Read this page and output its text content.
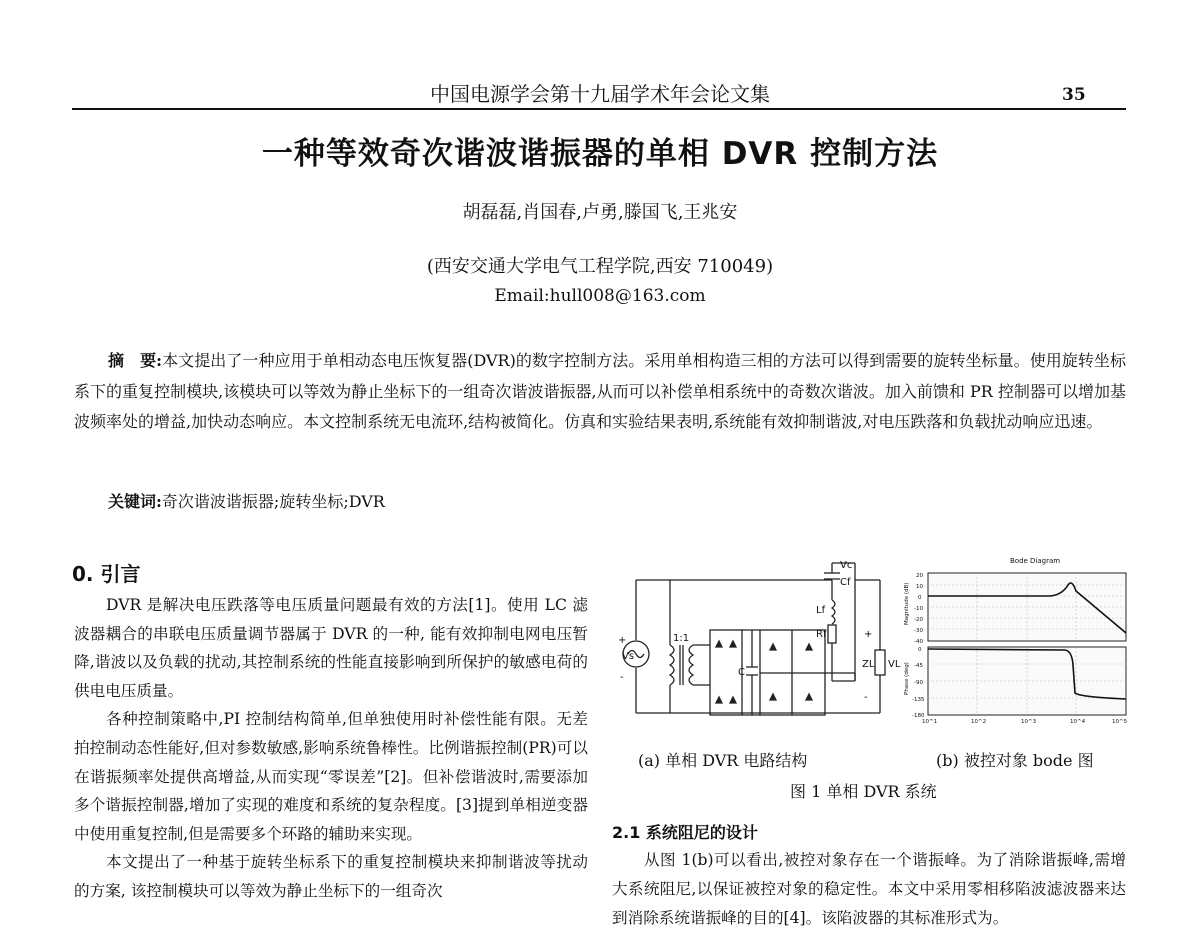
中国电源学会第十九届学术年会论文集	35
一种等效奇次谐波谐振器的单相 DVR 控制方法
胡磊磊,肖国春,卢勇,滕国飞,王兆安
(西安交通大学电气工程学院,西安 710049)
Email:hull008@163.com
摘　要:本文提出了一种应用于单相动态电压恢复器(DVR)的数字控制方法。采用单相构造三相的方法可以得到需要的旋转坐标量。使用旋转坐标系下的重复控制模块,该模块可以等效为静止坐标下的一组奇次谐波谐振器,从而可以补偿单相系统中的奇数次谐波。加入前馈和 PR 控制器可以增加基波频率处的增益,加快动态响应。本文控制系统无电流环,结构被简化。仿真和实验结果表明,系统能有效抑制谐波,对电压跌落和负载扰动响应迅速。
关键词:奇次谐波谐振器;旋转坐标;DVR
0. 引言

DVR 是解决电压跌落等电压质量问题最有效的方法[1]。使用 LC 滤波器耦合的串联电压质量调节器属于 DVR 的一种, 能有效抑制电网电压暂降,谐波以及负载的扰动,其控制系统的性能直接影响到所保护的敏感电荷的供电电压质量。

各种控制策略中,PI 控制结构简单,但单独使用时补偿性能有限。无差拍控制动态性能好,但对参数敏感,影响系统鲁棒性。比例谐振控制(PR)可以在谐振频率处提供高增益,从而实现“零误差”[2]。但补偿谐波时,需要添加多个谐振控制器,增加了实现的难度和系统的复杂程度。[3]提到单相逆变器中使用重复控制,但是需要多个环路的辅助来实现。

本文提出了一种基于旋转坐标系下的重复控制模块来抑制谐波等扰动的方案, 该控制模块可以等效为静止坐标下的一组奇次

+
Vs
-
1:1
C
Vc
Cf
Lf
Rf	+
ZL VL
-
Bode Diagram
20
10
0
-10
-20
-30
-40
0
-45
-90
-135
-180
10^1	10^2	10^3	10^4	10^5
Magnitude (dB)
Phase (deg)
(a) 单相 DVR 电路结构	(b) 被控对象 bode 图
图 1 单相 DVR 系统
2.1 系统阻尼的设计

从图 1(b)可以看出,被控对象存在一个谐振峰。为了消除谐振峰,需增大系统阻尼,以保证被控对象的稳定性。本文中采用零相移陷波滤波器来达到消除系统谐振峰的目的[4]。该陷波器的其标准形式为。
